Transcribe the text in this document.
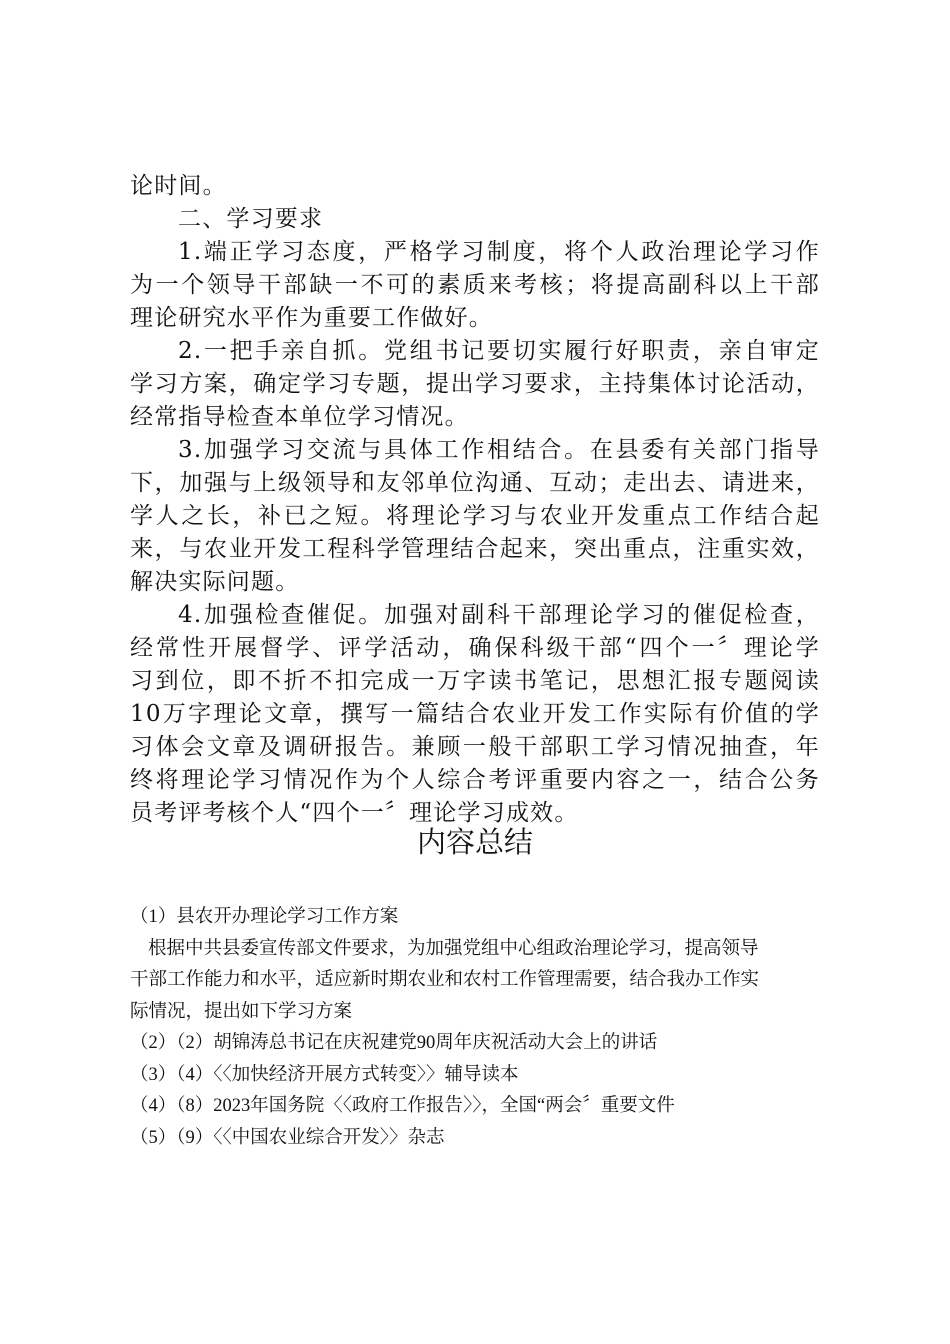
论时间。
二、学习要求
1.端正学习态度，严格学习制度，将个人政治理论学习作
为一个领导干部缺一不可的素质来考核；将提高副科以上干部
理论研究水平作为重要工作做好。
2.一把手亲自抓。党组书记要切实履行好职责，亲自审定
学习方案，确定学习专题，提出学习要求，主持集体讨论活动，
经常指导检查本单位学习情况。
3.加强学习交流与具体工作相结合。在县委有关部门指导
下，加强与上级领导和友邻单位沟通、互动；走出去、请进来，
学人之长，补已之短。将理论学习与农业开发重点工作结合起
来，与农业开发工程科学管理结合起来，突出重点，注重实效，
解决实际问题。
4.加强检查催促。加强对副科干部理论学习的催促检查，
经常性开展督学、评学活动，确保科级干部“四个一〞理论学
习到位，即不折不扣完成一万字读书笔记，思想汇报专题阅读
10万字理论文章，撰写一篇结合农业开发工作实际有价值的学
习体会文章及调研报告。兼顾一般干部职工学习情况抽查，年
终将理论学习情况作为个人综合考评重要内容之一，结合公务
员考评考核个人“四个一〞理论学习成效。
内容总结
（1）县农开办理论学习工作方案
根据中共县委宣传部文件要求，为加强党组中心组政治理论学习，提高领导
干部工作能力和水平，适应新时期农业和农村工作管理需要，结合我办工作实
际情况，提出如下学习方案
（2）（2）胡锦涛总书记在庆祝建党90周年庆祝活动大会上的讲话
（3）（4）〈〈加快经济开展方式转变〉〉辅导读本
（4）（8）2023年国务院〈〈政府工作报告〉〉，全国“两会〞重要文件
（5）（9）〈〈中国农业综合开发〉〉杂志
